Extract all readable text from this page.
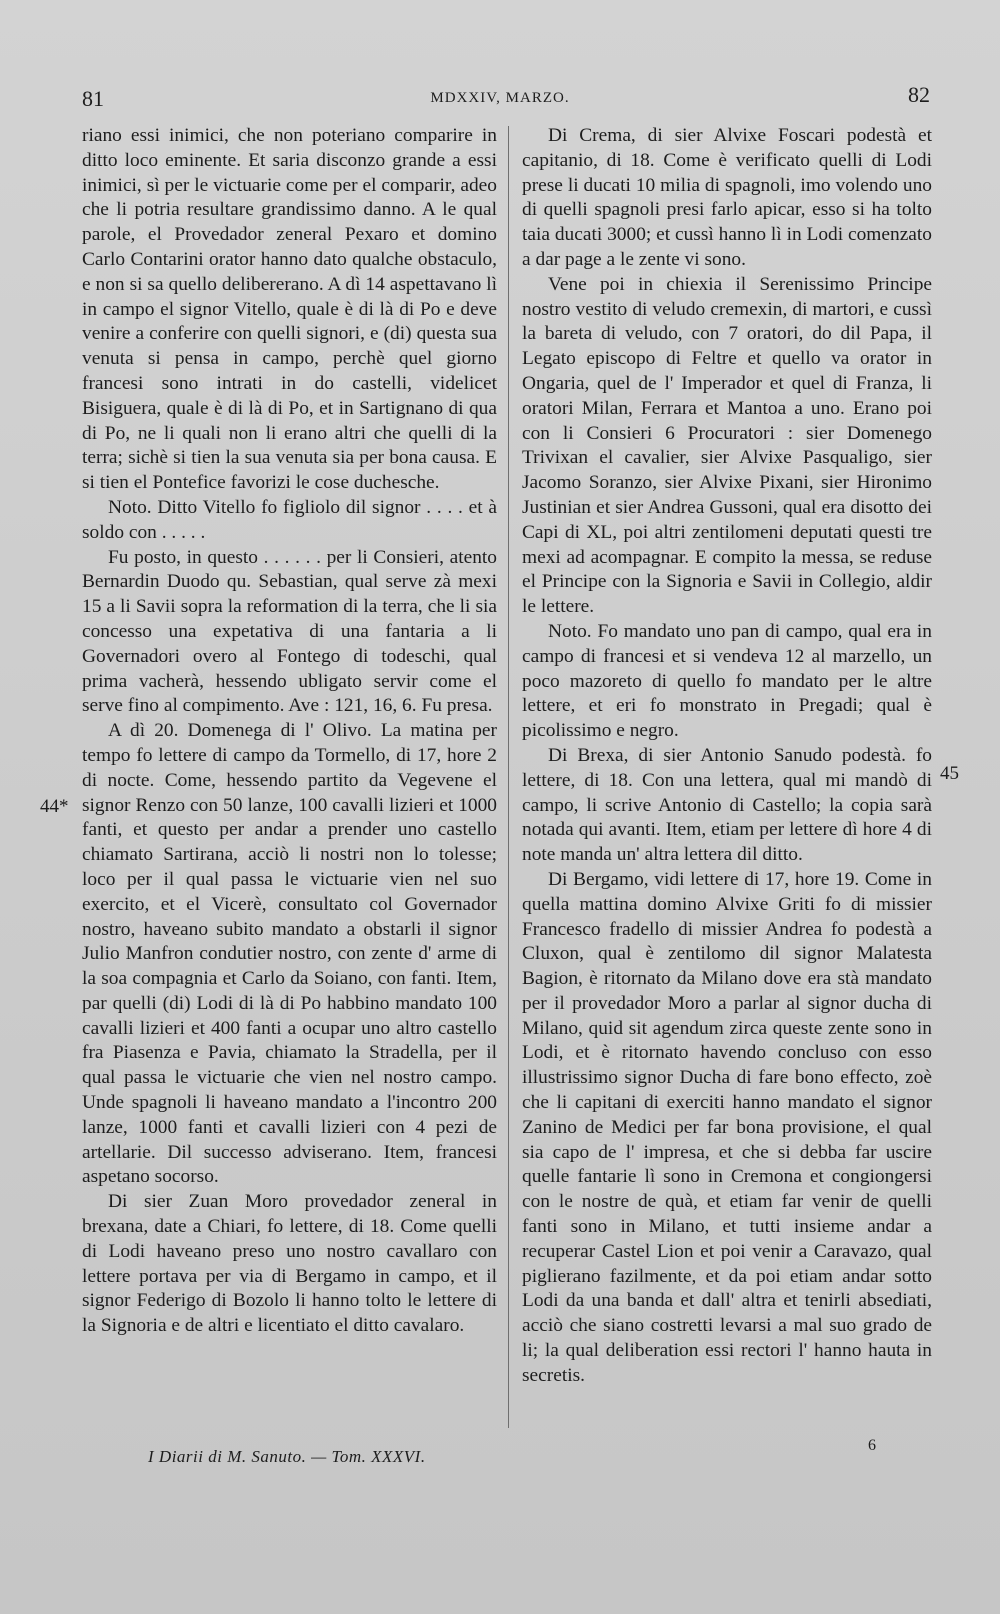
81	MDXXIV, MARZO.	82

riano essi inimici, che non poteriano comparire in ditto loco eminente. Et saria disconzo grande a essi inimici, sì per le victuarie come per el comparir, adeo che li potria resultare grandissimo danno. A le qual parole, el Provedador zeneral Pexaro et domino Carlo Contarini orator hanno dato qualche obstaculo, e non si sa quello delibererano. A dì 14 aspettavano lì in campo el signor Vitello, quale è di là di Po e deve venire a conferire con quelli signori, e (di) questa sua venuta si pensa in campo, perchè quel giorno francesi sono intrati in do castelli, videlicet Bisiguera, quale è di là di Po, et in Sartignano di qua di Po, ne li quali non li erano altri che quelli di la terra; sichè si tien la sua venuta sia per bona causa. E si tien el Pontefice favorizi le cose duchesche.

Noto. Ditto Vitello fo figliolo dil signor . . . . et à soldo con . . . . .

Fu posto, in questo . . . . . . per li Consieri, atento Bernardin Duodo qu. Sebastian, qual serve zà mexi 15 a li Savii sopra la reformation di la terra, che li sia concesso una expetativa di una fantaria a li Governadori overo al Fontego di todeschi, qual prima vacherà, hessendo ubligato servir come el serve fino al compimento. Ave : 121, 16, 6. Fu presa.

A dì 20. Domenega di l' Olivo. La matina per tempo fo lettere di campo da Tormello, di 17, hore 2 di nocte. Come, hessendo partito da Vegevene el signor Renzo con 50 lanze, 100 cavalli lizieri et 1000 fanti, et questo per andar a prender uno castello chiamato Sartirana, acciò li nostri non lo tolesse; loco per il qual passa le victuarie vien nel suo exercito, et el Vicerè, consultato col Governador nostro, haveano subito mandato a obstarli il signor Julio Manfron condutier nostro, con zente d' arme di la soa compagnia et Carlo da Soiano, con fanti. Item, par quelli (di) Lodi di là di Po habbino mandato 100 cavalli lizieri et 400 fanti a ocupar uno altro castello fra Piasenza e Pavia, chiamato la Stradella, per il qual passa le victuarie che vien nel nostro campo. Unde spagnoli li haveano mandato a l'incontro 200 lanze, 1000 fanti et cavalli lizieri con 4 pezi de artellarie. Dil successo adviserano. Item, francesi aspetano socorso.

Di sier Zuan Moro provedador zeneral in brexana, date a Chiari, fo lettere, di 18. Come quelli di Lodi haveano preso uno nostro cavallaro con lettere portava per via di Bergamo in campo, et il signor Federigo di Bozolo li hanno tolto le lettere di la Signoria e de altri e licentiato el ditto cavalaro.

Di Crema, di sier Alvixe Foscari podestà et capitanio, di 18. Come è verificato quelli di Lodi prese li ducati 10 milia di spagnoli, imo volendo uno di quelli spagnoli presi farlo apicar, esso si ha tolto taia ducati 3000; et cussì hanno lì in Lodi comenzato a dar page a le zente vi sono.

Vene poi in chiexia il Serenissimo Principe nostro vestito di veludo cremexin, di martori, e cussì la bareta di veludo, con 7 oratori, do dil Papa, il Legato episcopo di Feltre et quello va orator in Ongaria, quel de l' Imperador et quel di Franza, li oratori Milan, Ferrara et Mantoa a uno. Erano poi con li Consieri 6 Procuratori : sier Domenego Trivixan el cavalier, sier Alvixe Pasqualigo, sier Jacomo Soranzo, sier Alvixe Pixani, sier Hironimo Justinian et sier Andrea Gussoni, qual era disotto dei Capi di XL, poi altri zentilomeni deputati questi tre mexi ad acompagnar. E compito la messa, se reduse el Principe con la Signoria e Savii in Collegio, aldir le lettere.

Noto. Fo mandato uno pan di campo, qual era in campo di francesi et si vendeva 12 al marzello, un poco mazoreto di quello fo mandato per le altre lettere, et eri fo monstrato in Pregadi; qual è picolissimo e negro.

Di Brexa, di sier Antonio Sanudo podestà. fo lettere, di 18. Con una lettera, qual mi mandò di campo, li scrive Antonio di Castello; la copia sarà notada qui avanti. Item, etiam per lettere dì hore 4 di note manda un' altra lettera dil ditto.

Di Bergamo, vidi lettere di 17, hore 19. Come in quella mattina domino Alvixe Griti fo di missier Francesco fradello di missier Andrea fo podestà a Cluxon, qual è zentilomo dil signor Malatesta Bagion, è ritornato da Milano dove era stà mandato per il provedador Moro a parlar al signor ducha di Milano, quid sit agendum zirca queste zente sono in Lodi, et è ritornato havendo concluso con esso illustrissimo signor Ducha di fare bono effecto, zoè che li capitani di exerciti hanno mandato el signor Zanino de Medici per far bona provisione, el qual sia capo de l' impresa, et che si debba far uscire quelle fantarie lì sono in Cremona et congiongersi con le nostre de quà, et etiam far venir de quelli fanti sono in Milano, et tutti insieme andar a recuperar Castel Lion et poi venir a Caravazo, qual piglierano fazilmente, et da poi etiam andar sotto Lodi da una banda et dall' altra et tenirli absediati, acciò che siano costretti levarsi a mal suo grado de li; la qual deliberation essi rectori l' hanno hauta in secretis.

44*
45
I Diarii di M. Sanuto. — Tom. XXXVI.
6
